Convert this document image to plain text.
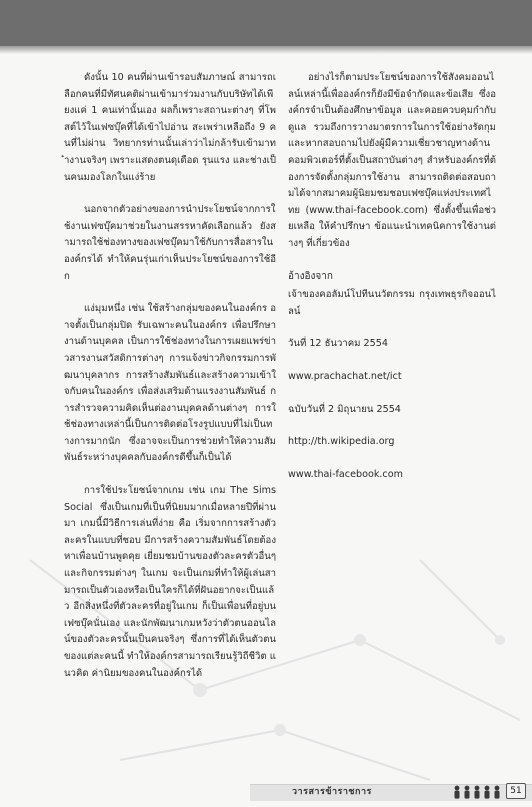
ดังนั้น 10 คนที่ผ่านเข้ารอบสัมภาษณ์ สามารถเลือกคนที่มีทัศนคติผ่านเข้ามาร่วมงานกับบริษัทได้เพียงแค่ 1 คนเท่านั้นเอง ผลก็เพราะสถานะต่างๆ ที่โพสต์ไว้ในเฟซบุ๊คที่ได้เข้าไปอ่าน สะเพร่าเหลือถึง 9 คนที่ไม่ผ่าน วิทยากรท่านนั้นเล่าว่าไม่กล้ารับเข้ามาทำงานจริงๆ เพราะแสดงตนดุเดือด รุนแรง และช่างเป็นคนมองโลกในแง่ร้าย

นอกจากตัวอย่างของการนำประโยชน์จากการใช้งานเฟซบุ๊คมาช่วยในงานสรรหาคัดเลือกแล้ว ยังสามารถใช้ช่องทางของเฟซบุ๊คมาใช้กับการสื่อสารในองค์กรได้ ทำให้คนรุ่นเก่าเห็นประโยชน์ของการใช้อีก

แง่มุมหนึ่ง เช่น ใช้สร้างกลุ่มของคนในองค์กร อาจตั้งเป็นกลุ่มปิด รับเฉพาะคนในองค์กร เพื่อปรึกษางานด้านบุคคล เป็นการใช้ช่องทางในการเผยแพร่ข่าวสารงานสวัสดิการต่างๆ การแจ้งข่าวกิจกรรมการพัฒนาบุคลากร การสร้างสัมพันธ์และสร้างความเข้าใจกับคนในองค์กร เพื่อส่งเสริมด้านแรงงานสัมพันธ์ การสำรวจความคิดเห็นต่องานบุคคลด้านต่างๆ การใช้ช่องทางเหล่านี้เป็นการติดต่อโรงรูปแบบที่ไม่เป็นทางการมากนัก ซึ่งอาจจะเป็นการช่วยทำให้ความสัมพันธ์ระหว่างบุคคลกับองค์กรดีขึ้นก็เป็นได้

การใช้ประโยชน์จากเกม เช่น เกม The Sims Social ซึ่งเป็นเกมที่เป็นที่นิยมมากเมื่อหลายปีที่ผ่านมา เกมนี้มีวิธีการเล่นที่ง่าย คือ เริ่มจากการสร้างตัวละครในแบบที่ชอบ มีการสร้างความสัมพันธ์โดยต้องหาเพื่อนบ้านพูดคุย เยี่ยมชมบ้านของตัวละครตัวอื่นๆ และกิจกรรมต่างๆ ในเกม จะเป็นเกมที่ทำให้ผู้เล่นสามารถเป็นตัวเองหรือเป็นใครก็ได้ที่ฝันอยากจะเป็นแล้ว อีกสิ่งหนึ่งที่ตัวละครที่อยู่ในเกม ก็เป็นเพื่อนที่อยู่บนเฟซบุ๊คนั่นเอง และนักพัฒนาเกมหวังว่าตัวตนออนไลน์ของตัวละครนั้นเป็นคนจริงๆ ซึ่งการที่ได้เห็นตัวตนของแต่ละคนนี้ ทำให้องค์กรสามารถเรียนรู้วิถีชีวิต แนวคิด ค่านิยมของคนในองค์กรได้

อย่างไรก็ตามประโยชน์ของการใช้สังคมออนไลน์เหล่านี้เพื่อองค์กรก็ยังมีข้อจำกัดและข้อเสีย ซึ่งองค์กรจำเป็นต้องศึกษาข้อมูล และคอยควบคุมกำกับดูแล รวมถึงการวางมาตรการในการใช้อย่างรัดกุม และหากสอบถามไปยังผู้มีความเชี่ยวชาญทางด้านคอมพิวเตอร์ที่ตั้งเป็นสถาบันต่างๆ สำหรับองค์กรที่ต้องการจัดตั้งกลุ่มการใช้งาน สามารถติดต่อสอบถามได้จากสมาคมผู้นิยมชมชอบเฟซบุ๊คแห่งประเทศไทย (www.thai-facebook.com) ซึ่งตั้งขึ้นเพื่อช่วยเหลือ ให้คำปรึกษา ข้อแนะนำเทคนิคการใช้งานต่างๆ ที่เกี่ยวข้อง

อ้างอิงจาก

เจ้าของคอลัมน์โปทีนนวัตกรรม กรุงเทพธุรกิจออนไลน์

วันที่ 12 ธันวาคม 2554

www.prachachat.net/ict

ฉบับวันที่ 2 มิถุนายน 2554

http://th.wikipedia.org

www.thai-facebook.com

วารสารข้าราชการ	51
